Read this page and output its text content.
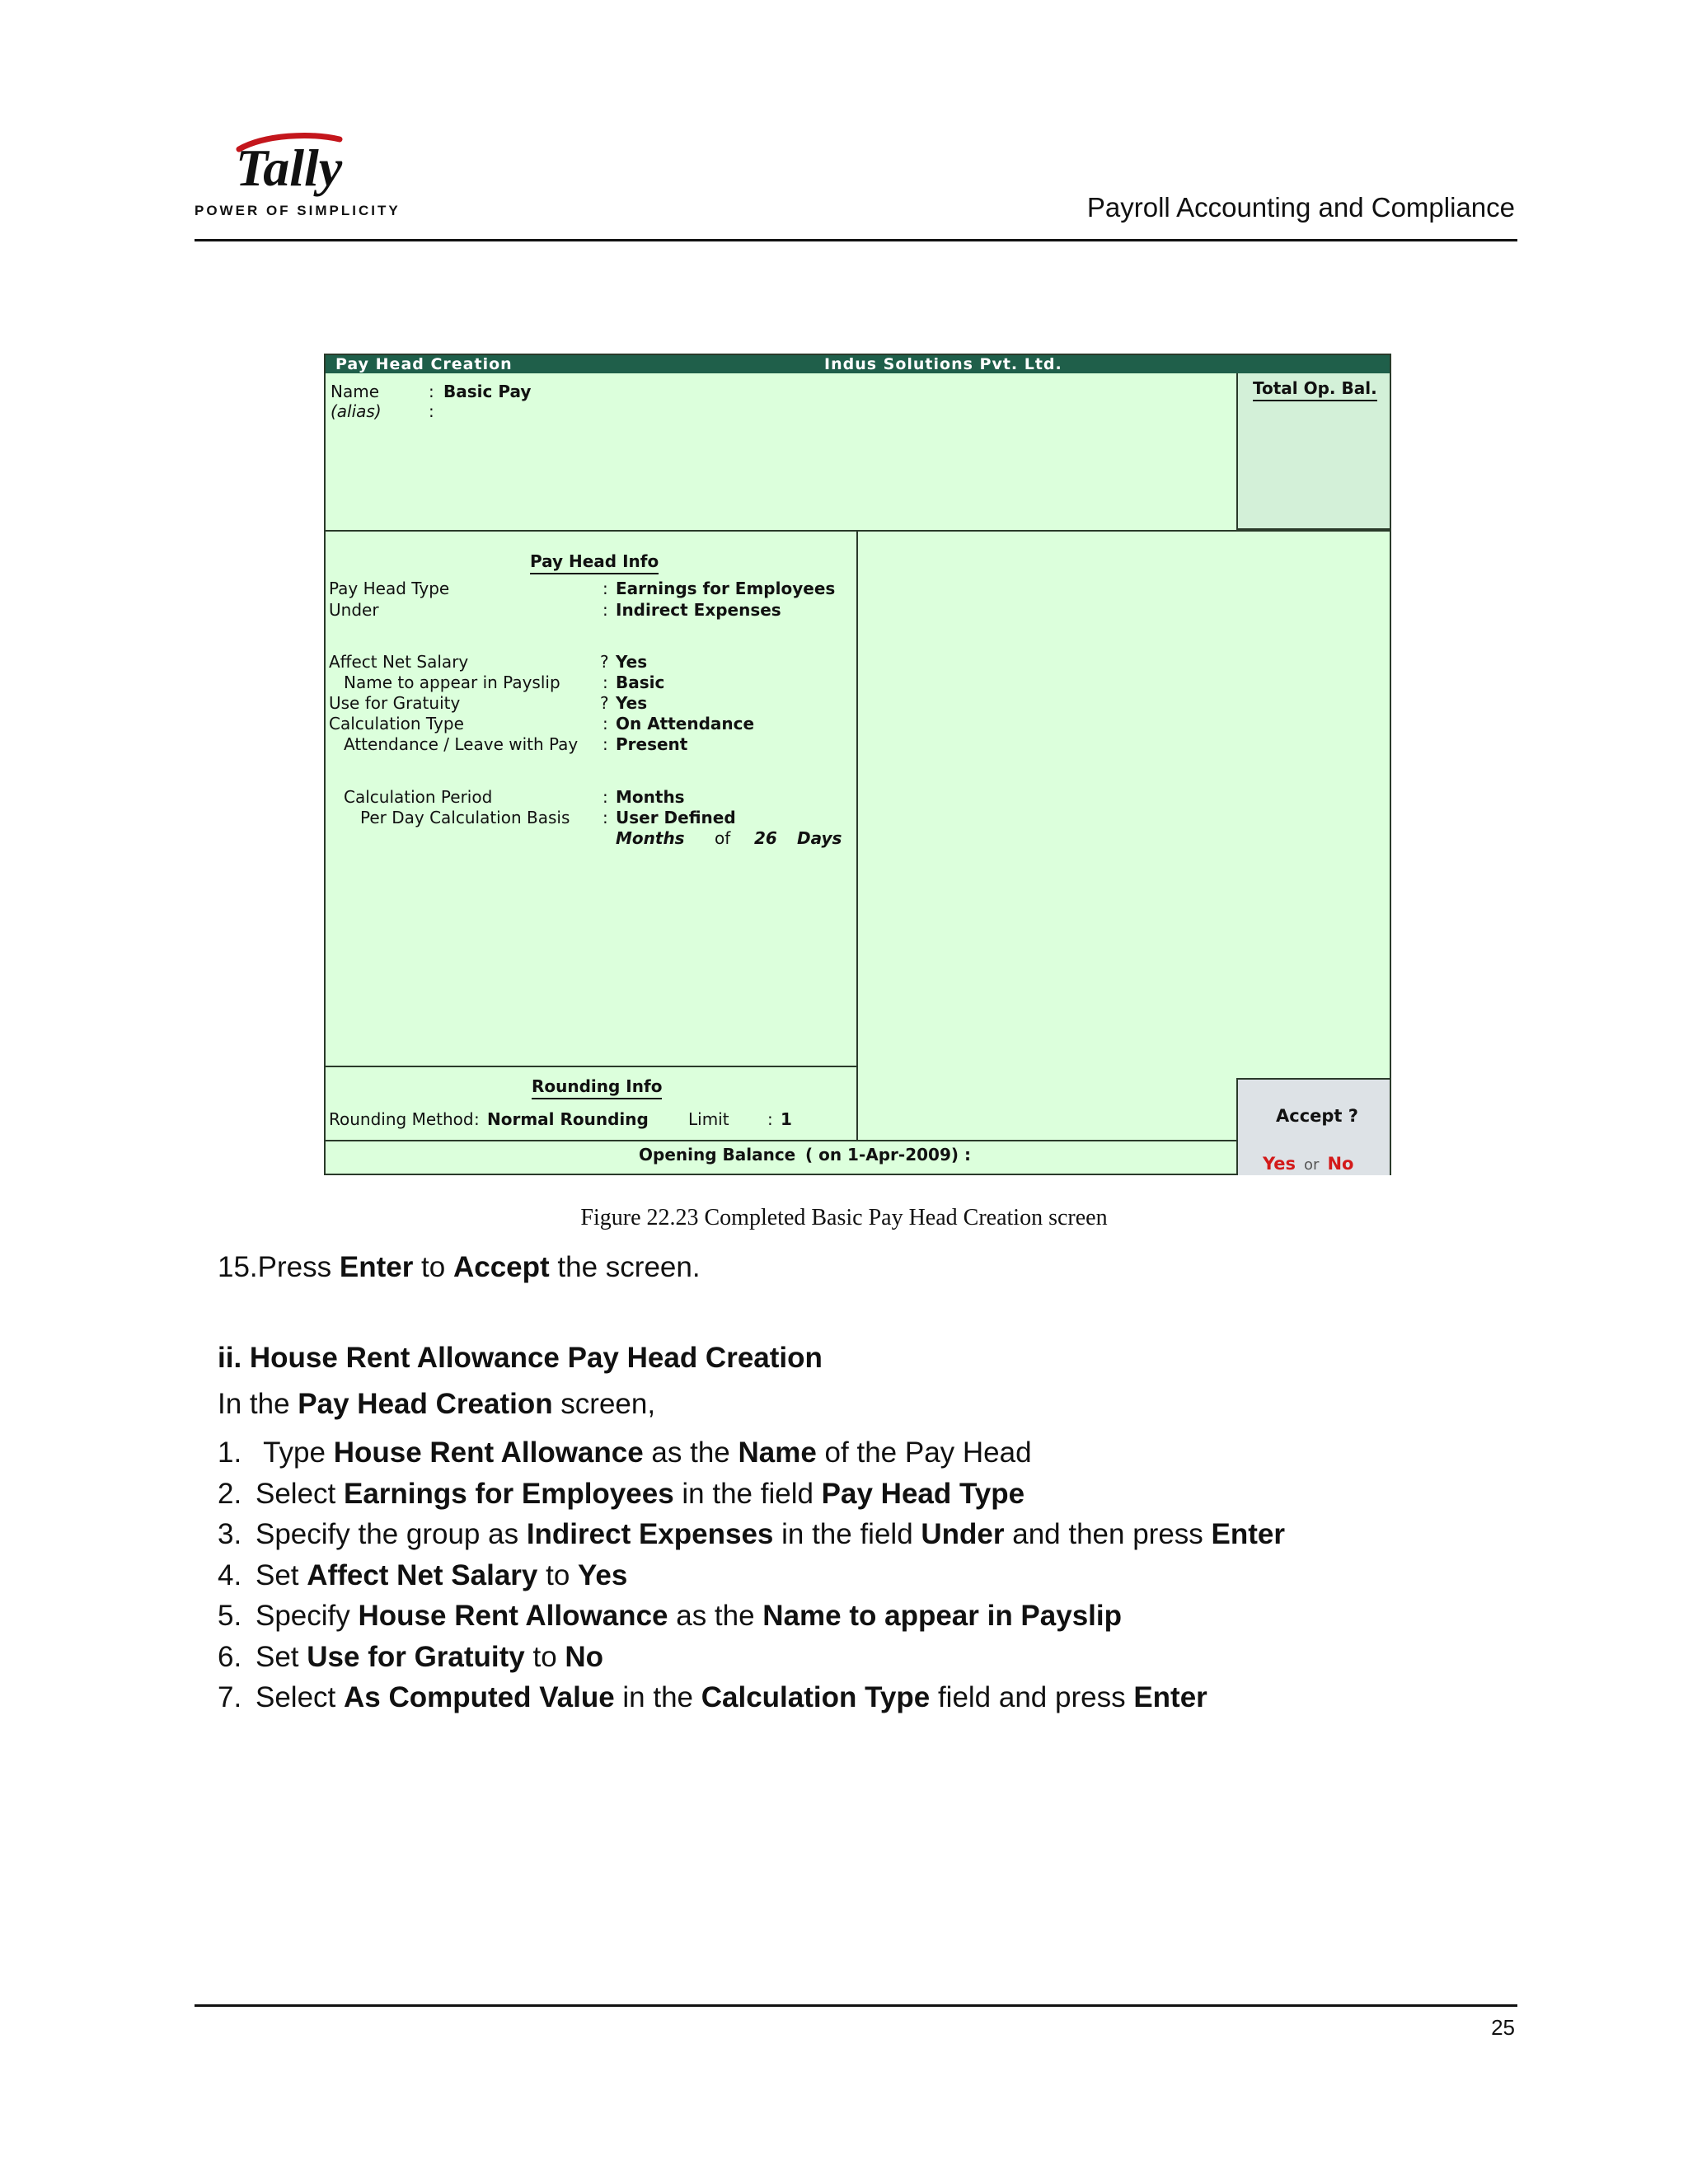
Tally
POWER OF SIMPLICITY	Payroll Accounting and Compliance
Pay Head Creation	Indus Solutions Pvt. Ltd.
Name	: Basic Pay
(alias)	:
Total Op. Bal.
Pay Head Info
Pay Head Type	: Earnings for Employees
Under	: Indirect Expenses
Affect Net Salary	? Yes
Name to appear in Payslip	: Basic
Use for Gratuity	? Yes
Calculation Type	: On Attendance
Attendance / Leave with Pay : Present
Calculation Period	: Months
Per Day Calculation Basis : User Defined
Months of 26 Days
Rounding Info
Rounding Method : Normal Rounding Limit : 1
Opening Balance ( on 1-Apr-2009) :
Accept ?
Yes or No
Figure 22.23 Completed Basic Pay Head Creation screen
15.Press Enter to Accept the screen.
ii. House Rent Allowance Pay Head Creation
In the Pay Head Creation screen,
1. Type House Rent Allowance as the Name of the Pay Head
2. Select Earnings for Employees in the field Pay Head Type
3. Specify the group as Indirect Expenses in the field Under and then press Enter
4. Set Affect Net Salary to Yes
5. Specify House Rent Allowance as the Name to appear in Payslip
6. Set Use for Gratuity to No
7. Select As Computed Value in the Calculation Type field and press Enter
25
